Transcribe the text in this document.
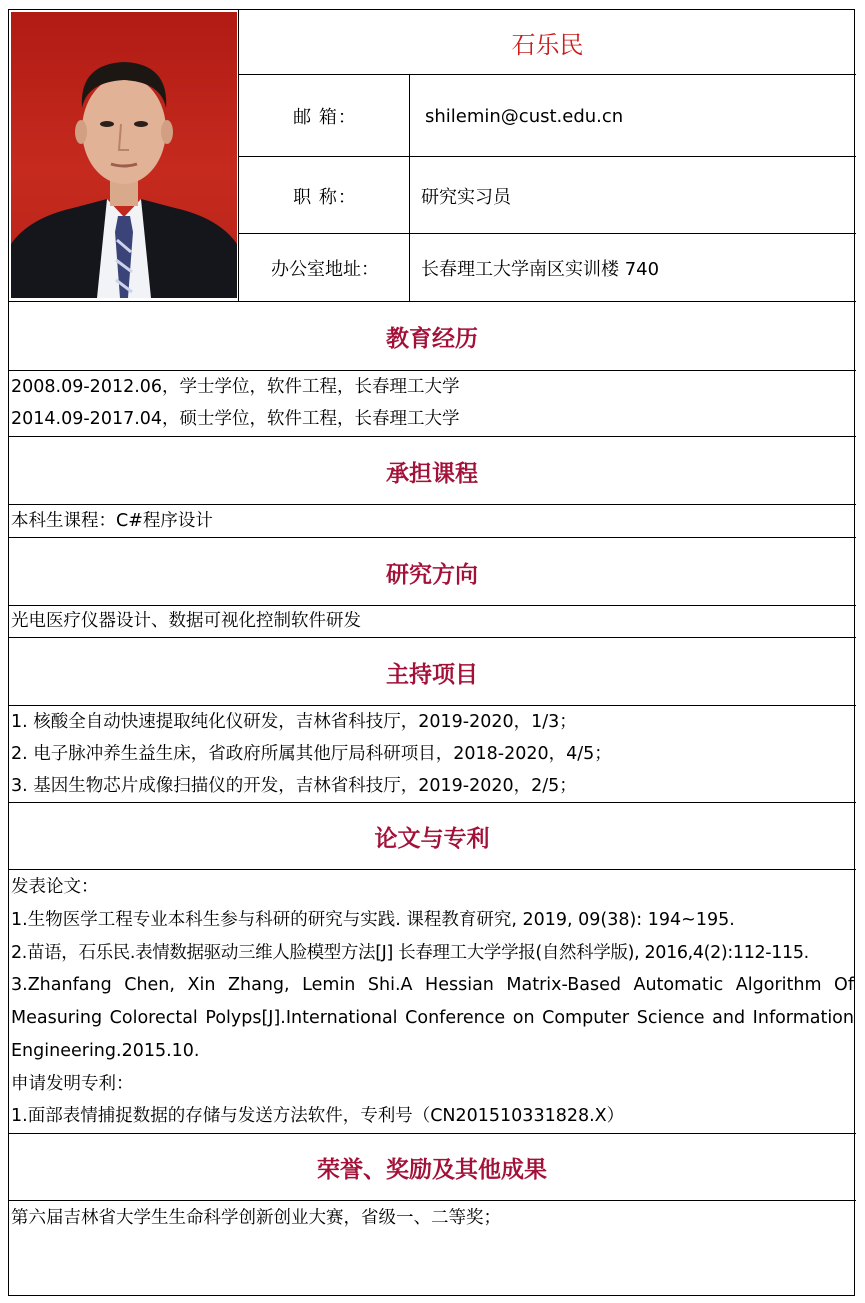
石乐民
邮 箱：	shilemin@cust.edu.cn
职 称：	研究实习员
办公室地址：	长春理工大学南区实训楼 740
教育经历
2008.09-2012.06，学士学位，软件工程，长春理工大学
2014.09-2017.04，硕士学位，软件工程，长春理工大学
承担课程
本科生课程：C#程序设计
研究方向
光电医疗仪器设计、数据可视化控制软件研发
主持项目
1. 核酸全自动快速提取纯化仪研发，吉林省科技厅，2019-2020，1/3；
2. 电子脉冲养生益生床，省政府所属其他厅局科研项目，2018-2020，4/5；
3. 基因生物芯片成像扫描仪的开发，吉林省科技厅，2019-2020，2/5；
论文与专利
发表论文：
1.生物医学工程专业本科生参与科研的研究与实践. 课程教育研究, 2019, 09(38): 194~195.
2.苗语，石乐民.表情数据驱动三维人脸模型方法[J] 长春理工大学学报(自然科学版), 2016,4(2):112-115.
3.Zhanfang Chen, Xin Zhang, Lemin Shi.A Hessian Matrix-Based Automatic Algorithm Of
Measuring Colorectal Polyps[J].International Conference on Computer Science and Information
Engineering.2015.10.
申请发明专利：
1.面部表情捕捉数据的存储与发送方法软件，专利号（CN201510331828.X）
荣誉、奖励及其他成果
第六届吉林省大学生生命科学创新创业大赛，省级一、二等奖；
